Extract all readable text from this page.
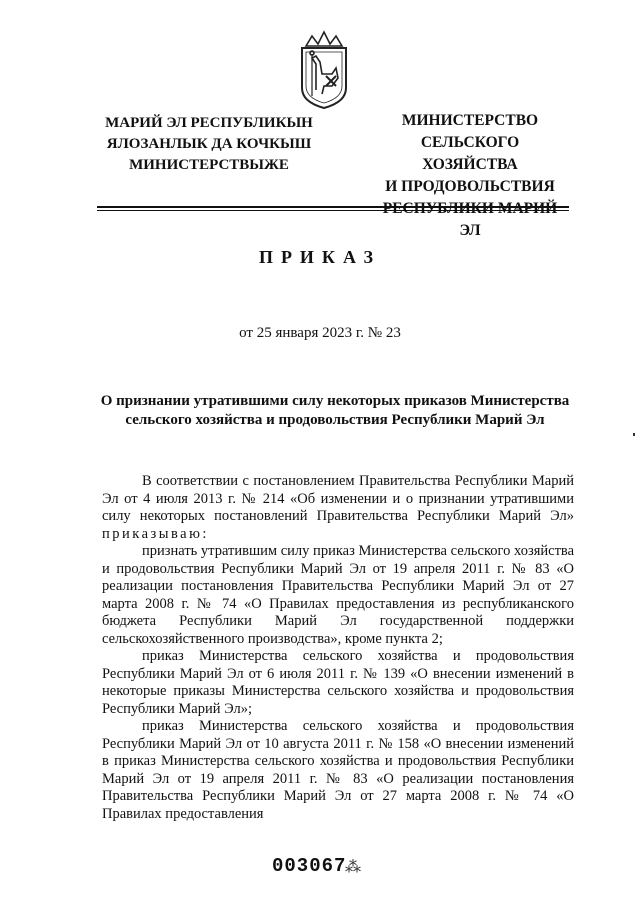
МАРИЙ ЭЛ РЕСПУБЛИКЫН
ЯЛОЗАНЛЫК ДА КОЧКЫШ
МИНИСТЕРСТВЫЖЕ
МИНИСТЕРСТВО
СЕЛЬСКОГО ХОЗЯЙСТВА
И ПРОДОВОЛЬСТВИЯ
РЕСПУБЛИКИ МАРИЙ ЭЛ
ПРИКАЗ
от 25 января 2023 г. № 23
О признании утратившими силу некоторых приказов Министерства
сельского хозяйства и продовольствия Республики Марий Эл

В соответствии с постановлением Правительства Республики Марий Эл от 4 июля 2013 г. № 214 «Об изменении и о признании утратившими силу некоторых постановлений Правительства Республики Марий Эл» приказываю:

признать утратившим силу приказ Министерства сельского хозяйства и продовольствия Республики Марий Эл от 19 апреля 2011 г. № 83 «О реализации постановления Правительства Республики Марий Эл от 27 марта 2008 г. № 74 «О Правилах предоставления из республиканского бюджета Республики Марий Эл государственной поддержки сельскохозяйственного производства», кроме пункта 2;

приказ Министерства сельского хозяйства и продовольствия Республики Марий Эл от 6 июля 2011 г. № 139 «О внесении изменений в некоторые приказы Министерства сельского хозяйства и продовольствия Республики Марий Эл»;

приказ Министерства сельского хозяйства и продовольствия Республики Марий Эл от 10 августа 2011 г. № 158 «О внесении изменений в приказ Министерства сельского хозяйства и продовольствия Республики Марий Эл от 19 апреля 2011 г. № 83 «О реализации постановления Правительства Республики Марий Эл от 27 марта 2008 г. № 74 «О Правилах предоставления

003067
⁂
